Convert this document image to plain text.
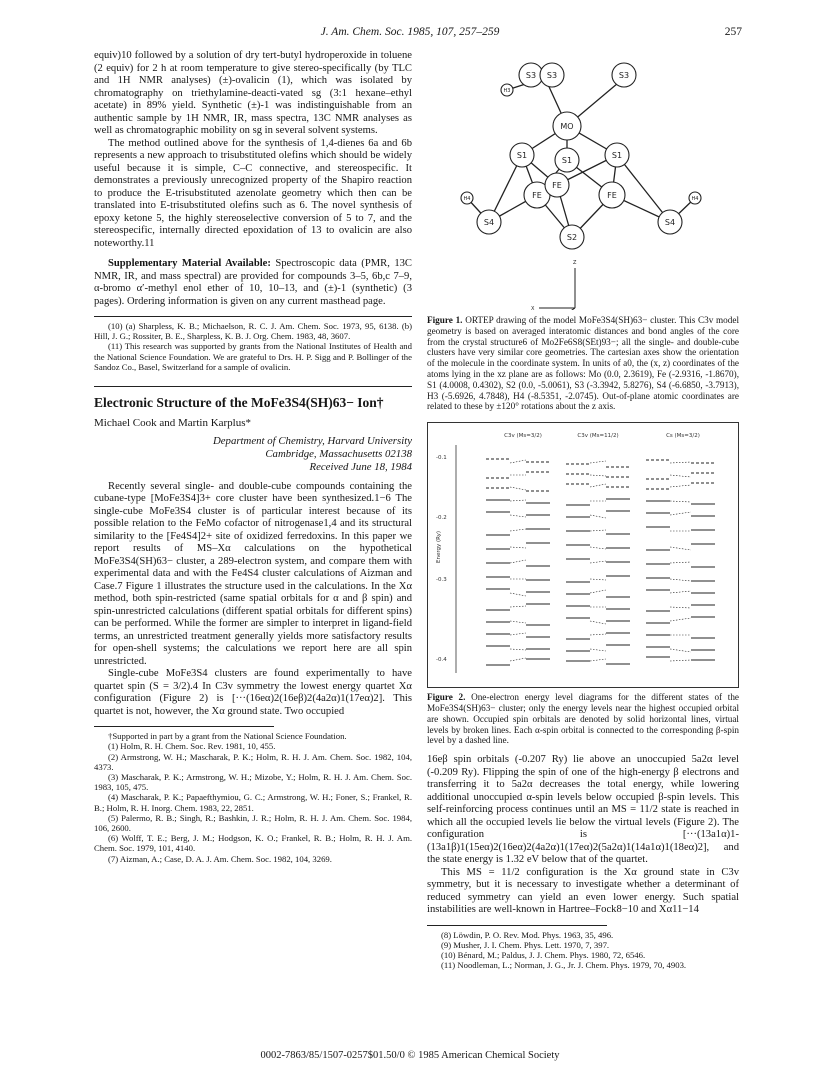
J. Am. Chem. Soc. 1985, 107, 257–259	257

equiv)10 followed by a solution of dry tert-butyl hydroperoxide in toluene (2 equiv) for 2 h at room temperature to give stereo-specifically (by TLC and 1H NMR analyses) (±)-ovalicin (1), which was isolated by chromatography on triethylamine-deacti-vated sg (3:1 hexane–ethyl acetate) in 89% yield. Synthetic (±)-1 was indistinguishable from an authentic sample by 1H NMR, IR, mass spectra, 13C NMR analyses as well as chromatographic mobility on sg in several solvent systems.

The method outlined above for the synthesis of 1,4-dienes 6a and 6b represents a new approach to trisubstituted olefins which should be widely useful because it is simple, C–C connective, and stereospecific. It demonstrates a previously unrecognized property of the Shapiro reaction to produce the E-trisubstituted azenolate geometry which then can be translated into E-trisubstituted olefins such as 6. The novel synthesis of epoxy ketone 5, the highly stereoselective conversion of 5 to 7, and the stereospecific, internally directed epoxidation of 13 to ovalicin are also noteworthy.11

Supplementary Material Available: Spectroscopic data (PMR, 13C NMR, IR, and mass spectral) are provided for compounds 3–5, 6b,c 7–9, α-bromo α′-methyl enol ether of 10, 10–13, and (±)-1 (synthetic) (3 pages). Ordering information is given on any current masthead page.

(10) (a) Sharpless, K. B.; Michaelson, R. C. J. Am. Chem. Soc. 1973, 95, 6138. (b) Hill, J. G.; Rossiter, B. E., Sharpless, K. B. J. Org. Chem. 1983, 48, 3607.

(11) This research was supported by grants from the National Institutes of Health and the National Science Foundation. We are grateful to Drs. H. P. Sigg and P. Bollinger of the Sandoz Co., Basel, Switzerland for a sample of ovalicin.

Electronic Structure of the MoFe3S4(SH)63− Ion†
Michael Cook and Martin Karplus*
Department of Chemistry, Harvard University
Cambridge, Massachusetts 02138
Received June 18, 1984

Recently several single- and double-cube compounds containing the cubane-type [MoFe3S4]3+ core cluster have been synthesized.1−6 The single-cube MoFe3S4 cluster is of particular interest because of its possible relation to the FeMo cofactor of nitrogenase1,4 and its structural similarity to the [Fe4S4]2+ site of oxidized ferredoxins. In this paper we report results of MS–Xα calculations on the hypothetical MoFe3S4(SH)63− cluster, a 289-electron system, and compare them with experimental data and with the Fe4S4 cluster calculations of Aizman and Case.7 Figure 1 illustrates the structure used in the calculations. In the Xα method, both spin-restricted (same spatial orbitals for α and β spin) and spin-unrestricted calculations (different spatial orbitals for different spins) can be performed. While the former are simpler to interpret in ligand-field terms, an unrestricted treatment generally yields more satisfactory results for open-shell systems; the calculations we report here are all spin unrestricted.

Single-cube MoFe3S4 clusters are found experimentally to have quartet spin (S = 3/2).4 In C3v symmetry the lowest energy quartet Xα configuration (Figure 2) is [···(16eα)2(16eβ)2(4a2α)1(17eα)2]. This quartet is not, however, the Xα ground state. Two occupied

†Supported in part by a grant from the National Science Foundation.

(1) Holm, R. H. Chem. Soc. Rev. 1981, 10, 455.

(2) Armstrong, W. H.; Mascharak, P. K.; Holm, R. H. J. Am. Chem. Soc. 1982, 104, 4373.

(3) Mascharak, P. K.; Armstrong, W. H.; Mizobe, Y.; Holm, R. H. J. Am. Chem. Soc. 1983, 105, 475.

(4) Mascharak, P. K.; Papaefthymiou, G. C.; Armstrong, W. H.; Foner, S.; Frankel, R. B.; Holm, R. H. Inorg. Chem. 1983, 22, 2851.

(5) Palermo, R. B.; Singh, R.; Bashkin, J. R.; Holm, R. H. J. Am. Chem. Soc. 1984, 106, 2600.

(6) Wolff, T. E.; Berg, J. M.; Hodgson, K. O.; Frankel, R. B.; Holm, R. H. J. Am. Chem. Soc. 1979, 101, 4140.

(7) Aizman, A.; Case, D. A. J. Am. Chem. Soc. 1982, 104, 3269.

S3 S3	S3
H3
MO
S1
S1
S1
FE
FE
FE
H4	H4
S4	S4
S2
Z
X

Figure 1. ORTEP drawing of the model MoFe3S4(SH)63− cluster. This C3v model geometry is based on averaged interatomic distances and bond angles of the core from the crystal structure6 of Mo2Fe6S8(SEt)93−; all the single- and double-cube clusters have very similar core geometries. The cartesian axes show the orientation of the molecule in the coordinate system. In units of a0, the (x, z) coordinates of the atoms lying in the xz plane are as follows: Mo (0.0, 2.3619), Fe (-2.9316, -1.8670), S1 (4.0008, 0.4302), S2 (0.0, -5.0061), S3 (-3.3942, 5.8276), S4 (-6.6850, -3.7913), H3 (-5.6926, 4.7848), H4 (-8.5351, -2.0745). Out-of-plane atomic coordinates are related to these by ±120° rotations about the z axis.

C3v (Ms=3/2)	C3v (Ms=11/2)	Cs (Ms=3/2)
-0.1
-0.2
-0.3
-0.4
Energy (Ry)

Figure 2. One-electron energy level diagrams for the different states of the MoFe3S4(SH)63− cluster; only the energy levels near the highest occupied orbital are shown. Occupied spin orbitals are denoted by solid horizontal lines, virtual levels by broken lines. Each α-spin orbital is connected to the corresponding β-spin level by a dashed line.

16eβ spin orbitals (-0.207 Ry) lie above an unoccupied 5a2α level (-0.209 Ry). Flipping the spin of one of the high-energy β electrons and transferring it to 5a2α decreases the total energy, while lowering additional unoccupied α-spin levels below occupied β-spin levels. This self-reinforcing process continues until an MS = 11/2 state is reached in which all the occupied levels lie below the virtual levels (Figure 2). The configuration is [···(13a1α)1-(13a1β)1(15eα)2(16eα)2(4a2α)1(17eα)2(5a2α)1(14a1α)1(18eα)2], and the state energy is 1.32 eV below that of the quartet.

This MS = 11/2 configuration is the Xα ground state in C3v symmetry, but it is necessary to investigate whether a determinant of reduced symmetry can yield an even lower energy. Such spatial instabilities are well-known in Hartree–Fock8−10 and Xα11−14

(8) Löwdin, P. O. Rev. Mod. Phys. 1963, 35, 496.

(9) Musher, J. I. Chem. Phys. Lett. 1970, 7, 397.

(10) Bénard, M.; Paldus, J. J. Chem. Phys. 1980, 72, 6546.

(11) Noodleman, L.; Norman, J. G., Jr. J. Chem. Phys. 1979, 70, 4903.

0002-7863/85/1507-0257$01.50/0 © 1985 American Chemical Society
